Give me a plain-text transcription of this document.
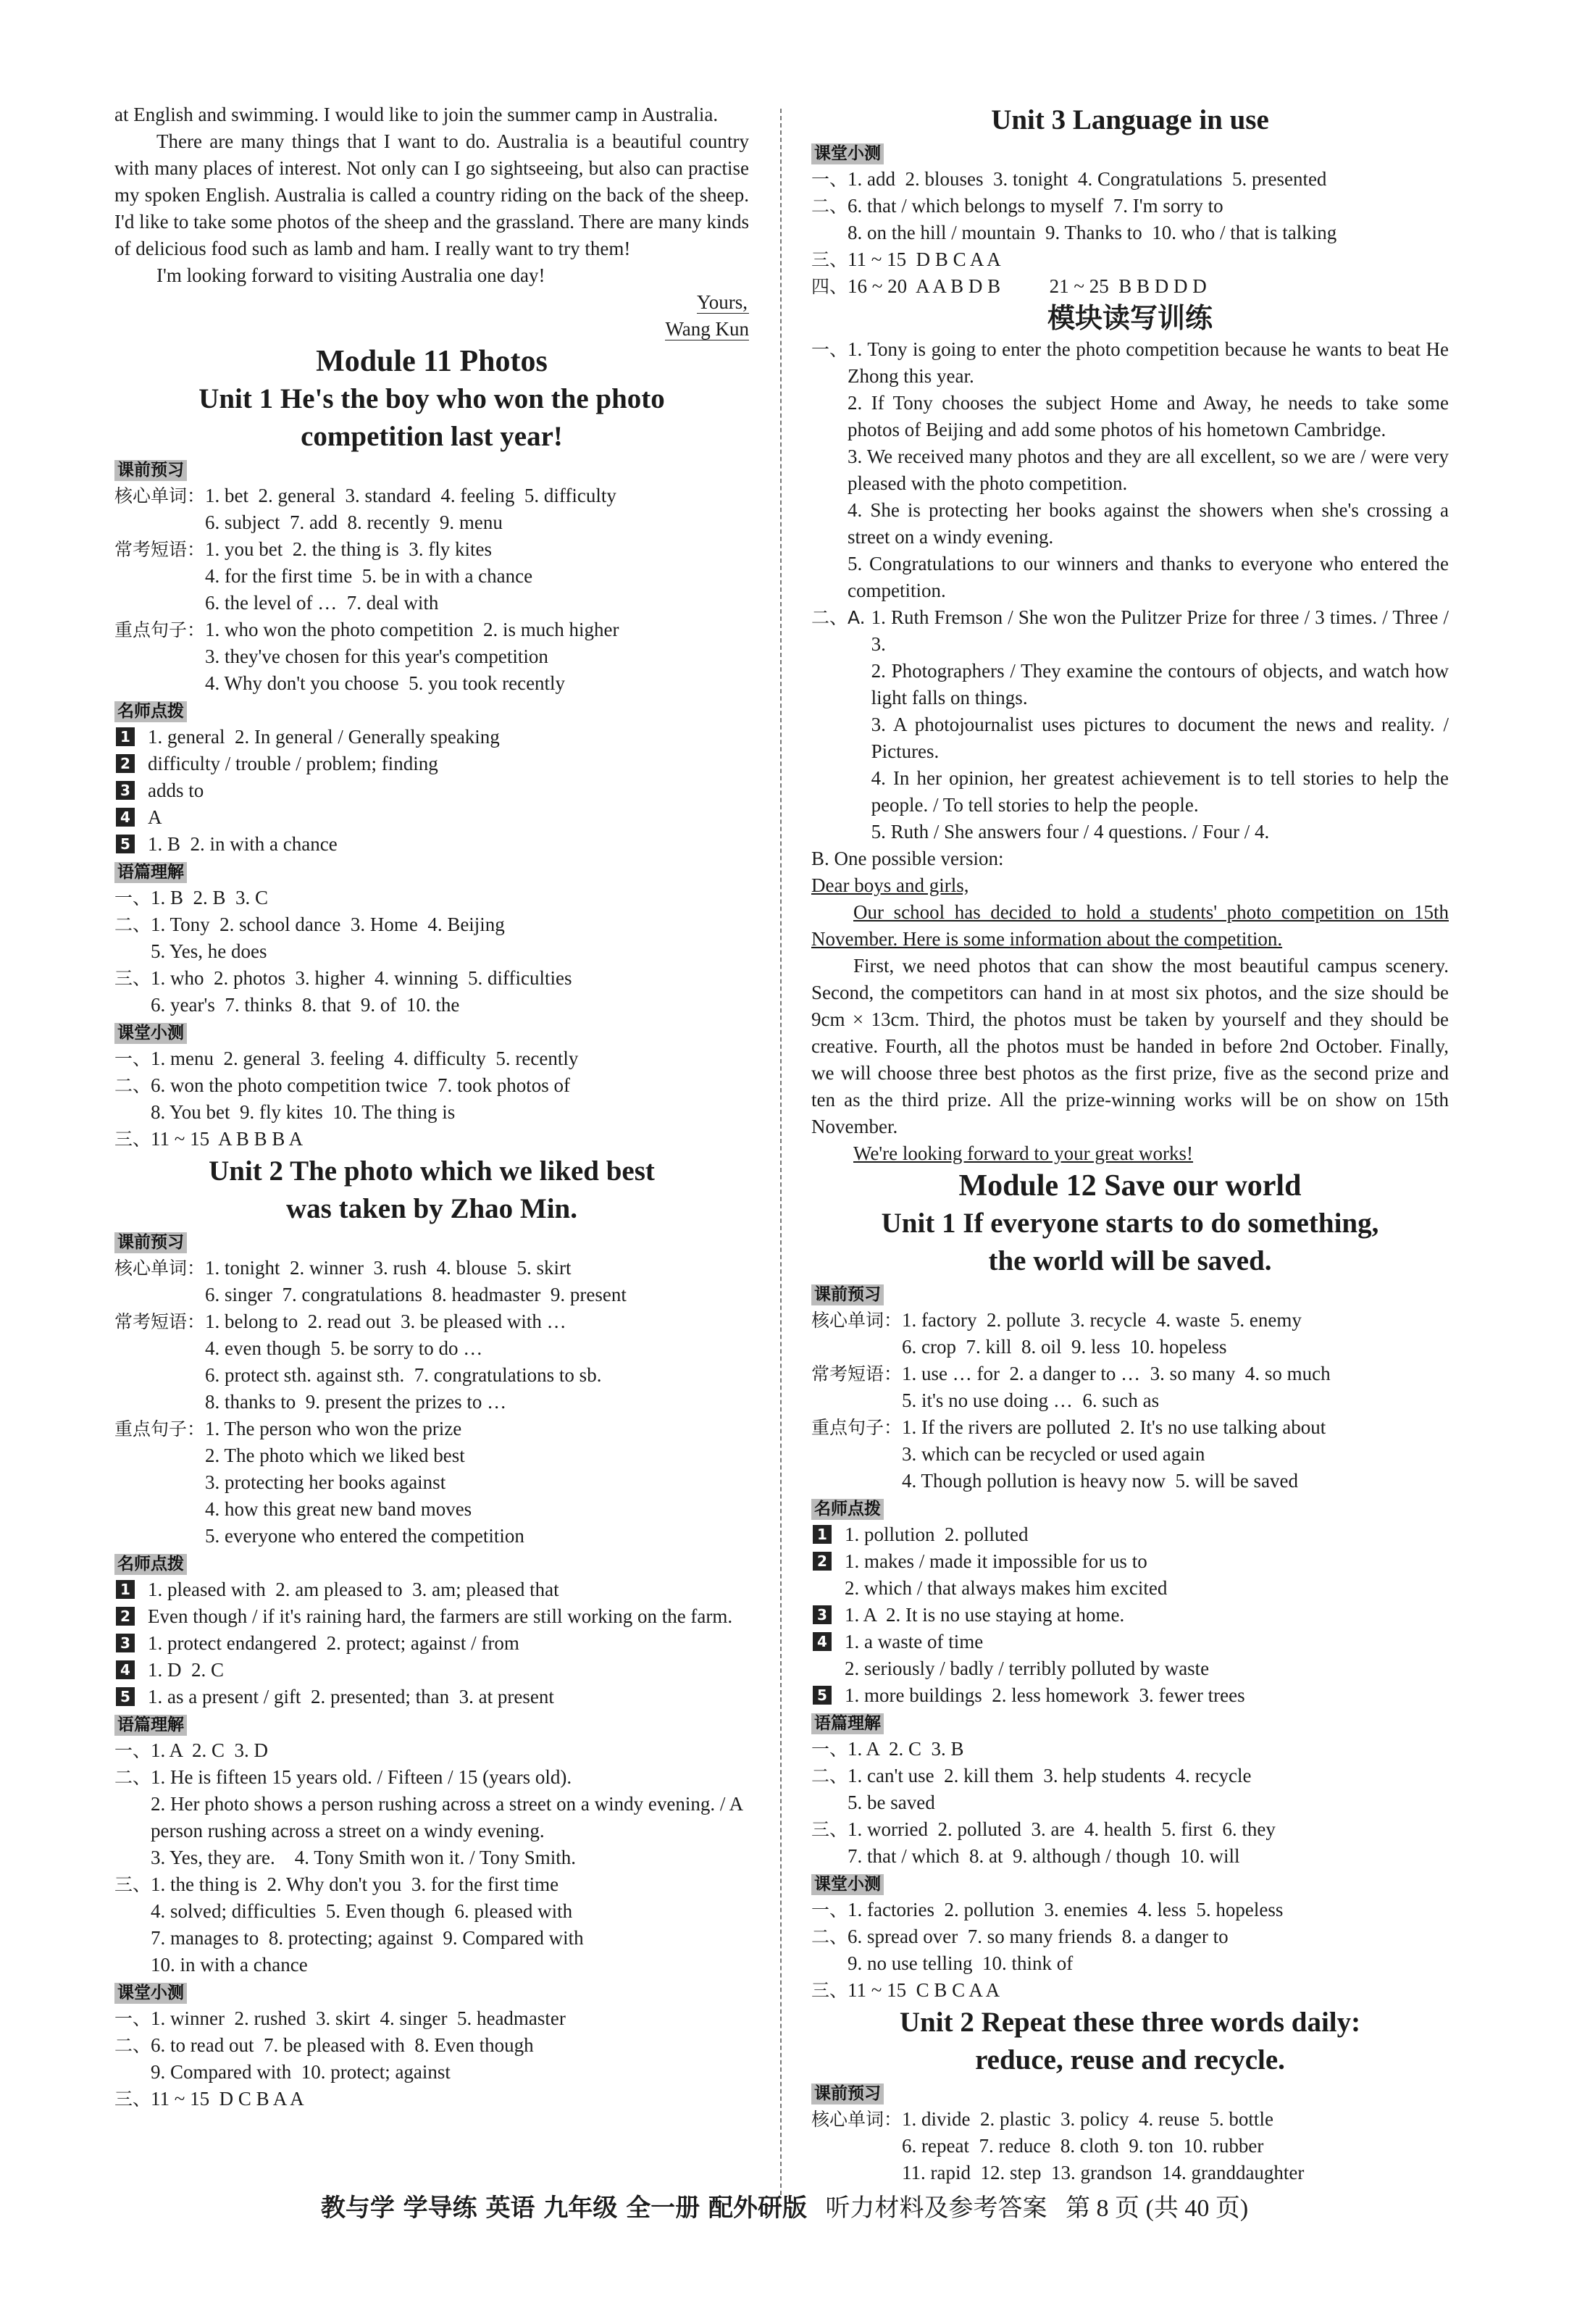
at English and swimming. I would like to join the summer camp in Australia.

There are many things that I want to do. Australia is a beautiful country with many places of interest. Not only can I go sightseeing, but also can practise my spoken English. Australia is called a country riding on the back of the sheep. I'd like to take some photos of the sheep and the grassland. There are many kinds of delicious food such as lamb and ham. I really want to try them!

I'm looking forward to visiting Australia one day!

Yours,
Wang Kun
Module 11 Photos
Unit 1 He's the boy who won the photo
competition last year!
课前预习
核心单词： 1. bet  2. general  3. standard  4. feeling  5. difficulty
6. subject  7. add  8. recently  9. menu
常考短语： 1. you bet  2. the thing is  3. fly kites
4. for the first time  5. be in with a chance
6. the level of …  7. deal with
重点句子： 1. who won the photo competition  2. is much higher
3. they've chosen for this year's competition
4. Why don't you choose  5. you took recently
名师点拨
1 1. general  2. In general / Generally speaking
2 difficulty / trouble / problem; finding
3 adds to
4 A
5 1. B  2. in with a chance
语篇理解
一、 1. B  2. B  3. C
二、 1. Tony  2. school dance  3. Home  4. Beijing
5. Yes, he does
三、 1. who  2. photos  3. higher  4. winning  5. difficulties
6. year's  7. thinks  8. that  9. of  10. the
课堂小测
一、 1. menu  2. general  3. feeling  4. difficulty  5. recently
二、 6. won the photo competition twice  7. took photos of
8. You bet  9. fly kites  10. The thing is
三、 11 ~ 15  A B B B A
Unit 2 The photo which we liked best
was taken by Zhao Min.
课前预习
核心单词： 1. tonight  2. winner  3. rush  4. blouse  5. skirt
6. singer  7. congratulations  8. headmaster  9. present
常考短语： 1. belong to  2. read out  3. be pleased with …
4. even though  5. be sorry to do …
6. protect sth. against sth.  7. congratulations to sb.
8. thanks to  9. present the prizes to …
重点句子： 1. The person who won the prize
2. The photo which we liked best
3. protecting her books against
4. how this great new band moves
5. everyone who entered the competition
名师点拨
1 1. pleased with  2. am pleased to  3. am; pleased that
2 Even though / if it's raining hard, the farmers are still working on the farm.
3 1. protect endangered  2. protect; against / from
4 1. D  2. C
5 1. as a present / gift  2. presented; than  3. at present
语篇理解
一、 1. A  2. C  3. D
二、 1. He is fifteen 15 years old. / Fifteen / 15 (years old).
2. Her photo shows a person rushing across a street on a windy evening. / A person rushing across a street on a windy evening.
3. Yes, they are.    4. Tony Smith won it. / Tony Smith.
三、 1. the thing is  2. Why don't you  3. for the first time
4. solved; difficulties  5. Even though  6. pleased with
7. manages to  8. protecting; against  9. Compared with
10. in with a chance
课堂小测
一、 1. winner  2. rushed  3. skirt  4. singer  5. headmaster
二、 6. to read out  7. be pleased with  8. Even though
9. Compared with  10. protect; against
三、 11 ~ 15  D C B A A
Unit 3 Language in use
课堂小测
一、 1. add  2. blouses  3. tonight  4. Congratulations  5. presented
二、 6. that / which belongs to myself  7. I'm sorry to
8. on the hill / mountain  9. Thanks to  10. who / that is talking
三、 11 ~ 15  D B C A A
四、 16 ~ 20  A A B D B          21 ~ 25  B B D D D
模块读写训练
一、 1. Tony is going to enter the photo competition because he wants to beat He Zhong this year.
2. If Tony chooses the subject Home and Away, he needs to take some photos of Beijing and add some photos of his hometown Cambridge.
3. We received many photos and they are all excellent, so we are / were very pleased with the photo competition.
4. She is protecting her books against the showers when she's crossing a street on a windy evening.
5. Congratulations to our winners and thanks to everyone who entered the competition.
二、A. 1. Ruth Fremson / She won the Pulitzer Prize for three / 3 times. / Three / 3.
2. Photographers / They examine the contours of objects, and watch how light falls on things.
3. A photojournalist uses pictures to document the news and reality. / Pictures.
4. In her opinion, her greatest achievement is to tell stories to help the people. / To tell stories to help the people.
5. Ruth / She answers four / 4 questions. / Four / 4.
B. One possible version:
Dear boys and girls,

Our school has decided to hold a students' photo competition on 15th November. Here is some information about the competition.

First, we need photos that can show the most beautiful campus scenery. Second, the competitors can hand in at most six photos, and the size should be 9cm × 13cm. Third, the photos must be taken by yourself and they should be creative. Fourth, all the photos must be handed in before 2nd October. Finally, we will choose three best photos as the first prize, five as the second prize and ten as the third prize. All the prize-winning works will be on show on 15th November.

We're looking forward to your great works!

Module 12 Save our world
Unit 1 If everyone starts to do something,
the world will be saved.
课前预习
核心单词： 1. factory  2. pollute  3. recycle  4. waste  5. enemy
6. crop  7. kill  8. oil  9. less  10. hopeless
常考短语： 1. use … for  2. a danger to …  3. so many  4. so much
5. it's no use doing …  6. such as
重点句子： 1. If the rivers are polluted  2. It's no use talking about
3. which can be recycled or used again
4. Though pollution is heavy now  5. will be saved
名师点拨
1 1. pollution  2. polluted
2 1. makes / made it impossible for us to
2. which / that always makes him excited
3 1. A  2. It is no use staying at home.
4 1. a waste of time
2. seriously / badly / terribly polluted by waste
5 1. more buildings  2. less homework  3. fewer trees
语篇理解
一、 1. A  2. C  3. B
二、 1. can't use  2. kill them  3. help students  4. recycle
5. be saved
三、 1. worried  2. polluted  3. are  4. health  5. first  6. they
7. that / which  8. at  9. although / though  10. will
课堂小测
一、 1. factories  2. pollution  3. enemies  4. less  5. hopeless
二、 6. spread over  7. so many friends  8. a danger to
9. no use telling  10. think of
三、 11 ~ 15  C B C A A
Unit 2 Repeat these three words daily:
reduce, reuse and recycle.
课前预习
核心单词： 1. divide  2. plastic  3. policy  4. reuse  5. bottle
6. repeat  7. reduce  8. cloth  9. ton  10. rubber
11. rapid  12. step  13. grandson  14. granddaughter
教与学 学导练 英语 九年级 全一册 配外研版 听力材料及参考答案 第 8 页 (共 40 页)
